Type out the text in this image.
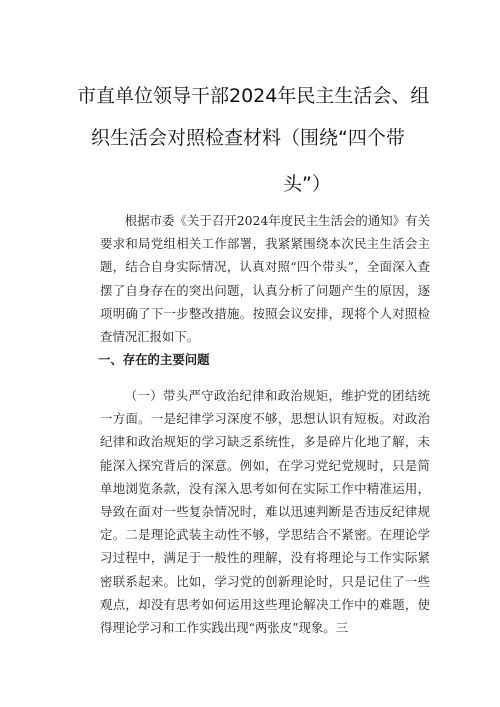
市直单位领导干部2024年民主生活会、组
织生活会对照检查材料（围绕“四个带
头”）

根据市委《关于召开2024年度民主生活会的通知》有关要求和局党组相关工作部署，我紧紧围绕本次民主生活会主题，结合自身实际情况，认真对照“四个带头”，全面深入查摆了自身存在的突出问题，认真分析了问题产生的原因，逐项明确了下一步整改措施。按照会议安排，现将个人对照检查情况汇报如下。

一、存在的主要问题

（一）带头严守政治纪律和政治规矩，维护党的团结统一方面。一是纪律学习深度不够，思想认识有短板。对政治纪律和政治规矩的学习缺乏系统性，多是碎片化地了解，未能深入探究背后的深意。例如，在学习党纪党规时，只是简单地浏览条款，没有深入思考如何在实际工作中精准运用，导致在面对一些复杂情况时，难以迅速判断是否违反纪律规定。二是理论武装主动性不够，学思结合不紧密。在理论学习过程中，满足于一般性的理解，没有将理论与工作实际紧密联系起来。比如，学习党的创新理论时，只是记住了一些观点，却没有思考如何运用这些理论解决工作中的难题，使得理论学习和工作实践出现“两张皮”现象。三
